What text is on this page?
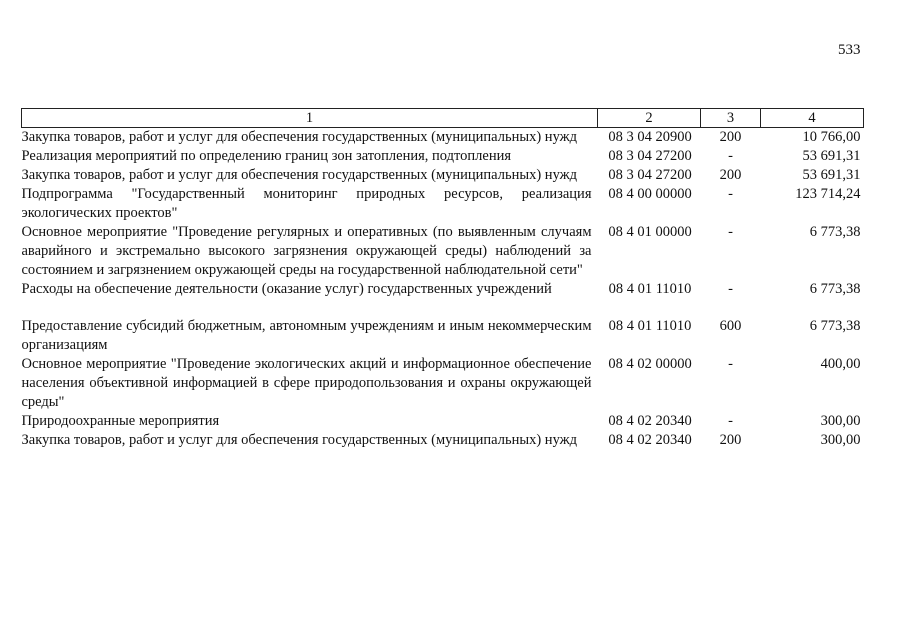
533
1	2	3	4
Закупка товаров, работ и услуг для обеспечения государственных (муниципальных) нужд	08 3 04 20900	200	10 766,00
Реализация мероприятий по определению границ зон затопления, подтопления	08 3 04 27200	-	53 691,31
Закупка товаров, работ и услуг для обеспечения государственных (муниципальных) нужд	08 3 04 27200	200	53 691,31
Подпрограмма "Государственный мониторинг природных ресурсов, реализация экологических проектов"	08 4 00 00000	-	123 714,24
Основное мероприятие "Проведение регулярных и оперативных (по выявленным случаям аварийного и экстремально высокого загрязнения окружающей среды) наблюдений за состоянием и загрязнением окружающей среды на государственной наблюдательной сети"	08 4 01 00000	-	6 773,38
Расходы на обеспечение деятельности (оказание услуг) государственных учреждений	08 4 01 11010	-	6 773,38
Предоставление субсидий бюджетным, автономным учреждениям и иным некоммерческим организациям	08 4 01 11010	600	6 773,38
Основное мероприятие "Проведение экологических акций и информационное обеспечение населения объективной информацией в сфере природопользования и охраны окружающей среды"	08 4 02 00000	-	400,00
Природоохранные мероприятия	08 4 02 20340	-	300,00
Закупка товаров, работ и услуг для обеспечения государственных (муниципальных) нужд	08 4 02 20340	200	300,00
